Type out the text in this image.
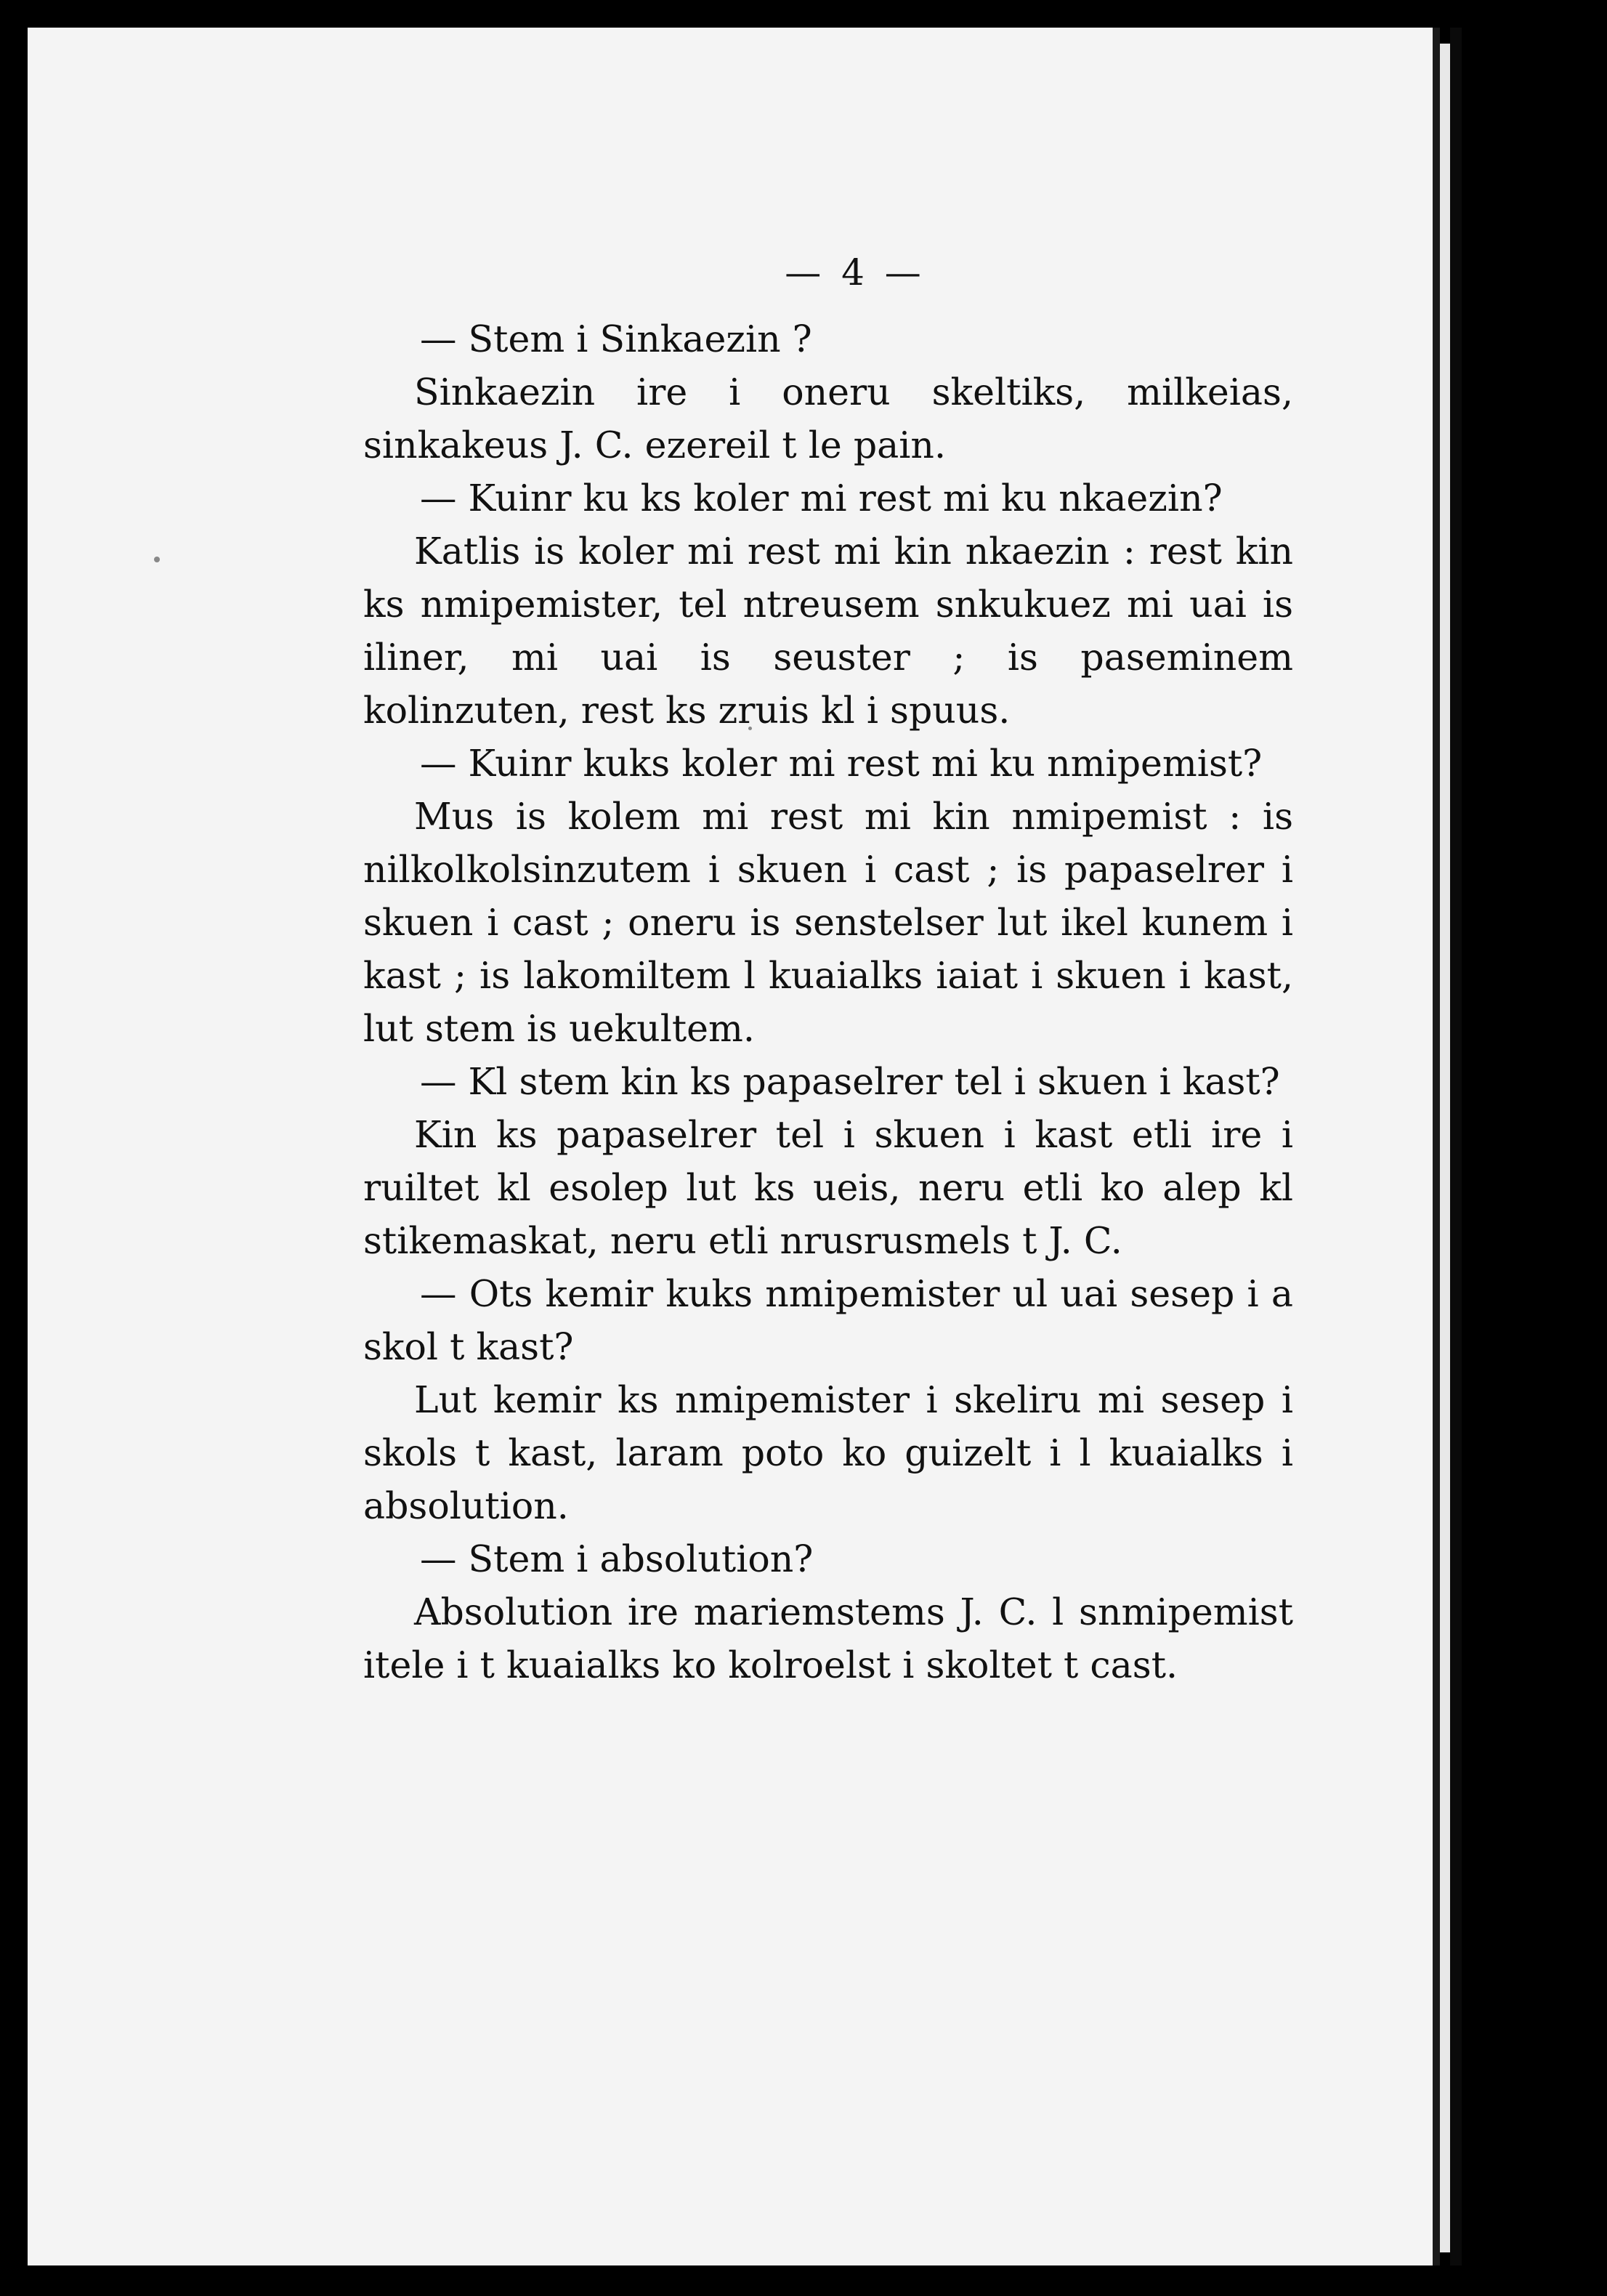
— 4 —

— Stem i Sinkaezin ?

Sinkaezin ire i oneru skeltiks, milkeias, sinkakeus J. C. ezereil t le pain.

— Kuinr ku ks koler mi rest mi ku nkaezin?

Katlis is koler mi rest mi kin nkaezin : rest kin ks nmipemister, tel ntreusem snkukuez mi uai is iliner, mi uai is seuster ; is paseminem kolinzuten, rest ks zruis kl i spuus.

— Kuinr kuks koler mi rest mi ku nmipemist?

Mus is kolem mi rest mi kin nmipemist : is nilkolkolsinzutem i skuen i cast ; is papaselrer i skuen i cast ; oneru is senstelser lut ikel kunem i kast ; is lakomiltem l kuaialks iaiat i skuen i kast, lut stem is uekultem.

— Kl stem kin ks papaselrer tel i skuen i kast?

Kin ks papaselrer tel i skuen i kast etli ire i ruiltet kl esolep lut ks ueis, neru etli ko alep kl stikemaskat, neru etli nrusrusmels t J. C.

— Ots kemir kuks nmipemister ul uai sesep i a skol t kast?

Lut kemir ks nmipemister i skeliru mi sesep i skols t kast, laram poto ko guizelt i l kuaialks i absolution.

— Stem i absolution?

Absolution ire mariemstems J. C. l snmipemist itele i t kuaialks ko kolroelst i skoltet t cast.
